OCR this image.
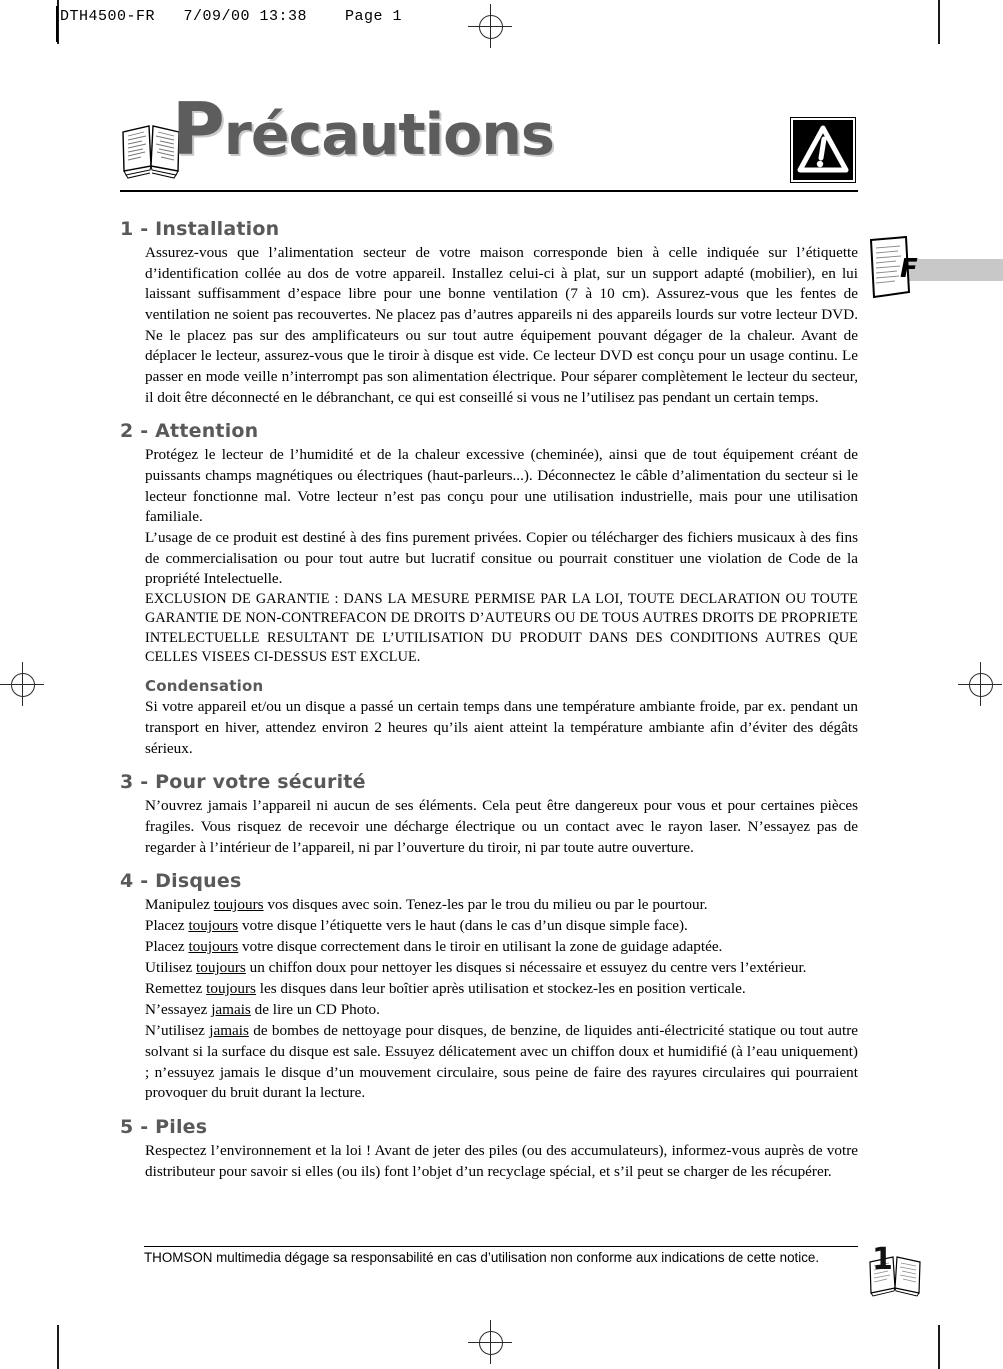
DTH4500-FR   7/09/00 13:38    Page 1
Précautions
F
1 - Installation

Assurez-vous que l’alimentation secteur de votre maison corresponde bien à celle indiquée sur l’étiquette d’identification collée au dos de votre appareil. Installez celui-ci à plat, sur un support adapté (mobilier), en lui laissant suffisamment d’espace libre pour une bonne ventilation (7 à 10 cm). Assurez-vous que les fentes de ventilation ne soient pas recouvertes. Ne placez pas d’autres appareils ni des appareils lourds sur votre lecteur DVD. Ne le placez pas sur des amplificateurs ou sur tout autre équipement pouvant dégager de la chaleur. Avant de déplacer le lecteur, assurez-vous que le tiroir à disque est vide. Ce lecteur DVD est conçu pour un usage continu. Le passer en mode veille n’interrompt pas son alimentation électrique. Pour séparer complètement le lecteur du secteur, il doit être déconnecté en le débranchant, ce qui est conseillé si vous ne l’utilisez pas pendant un certain temps.

2 - Attention

Protégez le lecteur de l’humidité et de la chaleur excessive (cheminée), ainsi que de tout équipement créant de puissants champs magnétiques ou électriques (haut-parleurs...). Déconnectez le câble d’alimentation du secteur si le lecteur fonctionne mal. Votre lecteur n’est pas conçu pour une utilisation industrielle, mais pour une utilisation familiale.

L’usage de ce produit est destiné à des fins purement privées. Copier ou télécharger des fichiers musicaux à des fins de commercialisation ou pour tout autre but lucratif consitue ou pourrait constituer une violation de Code de la propriété Intelectuelle.

EXCLUSION DE GARANTIE : DANS LA MESURE PERMISE PAR LA LOI, TOUTE DECLARATION OU TOUTE GARANTIE DE NON-CONTREFACON DE DROITS D’AUTEURS OU DE TOUS AUTRES DROITS DE PROPRIETE INTELECTUELLE RESULTANT DE L’UTILISATION DU PRODUIT DANS DES CONDITIONS AUTRES QUE CELLES VISEES CI-DESSUS EST EXCLUE.

Condensation

Si votre appareil et/ou un disque a passé un certain temps dans une température ambiante froide, par ex. pendant un transport en hiver, attendez environ 2 heures qu’ils aient atteint la température ambiante afin d’éviter des dégâts sérieux.

3 - Pour votre sécurité

N’ouvrez jamais l’appareil ni aucun de ses éléments. Cela peut être dangereux pour vous et pour certaines pièces fragiles. Vous risquez de recevoir une décharge électrique ou un contact avec le rayon laser. N’essayez pas de regarder à l’intérieur de l’appareil, ni par l’ouverture du tiroir, ni par toute autre ouverture.

4 - Disques

Manipulez toujours vos disques avec soin. Tenez-les par le trou du milieu ou par le pourtour.
Placez toujours votre disque l’étiquette vers le haut (dans le cas d’un disque simple face).
Placez toujours votre disque correctement dans le tiroir en utilisant la zone de guidage adaptée.
Utilisez toujours un chiffon doux pour nettoyer les disques si nécessaire et essuyez du centre vers l’extérieur.
Remettez toujours les disques dans leur boîtier après utilisation et stockez-les en position verticale.
N’essayez jamais de lire un CD Photo.

N’utilisez jamais de bombes de nettoyage pour disques, de benzine, de liquides anti-électricité statique ou tout autre solvant si la surface du disque est sale. Essuyez délicatement avec un chiffon doux et humidifié (à l’eau uniquement) ; n’essuyez jamais le disque d’un mouvement circulaire, sous peine de faire des rayures circulaires qui pourraient provoquer du bruit durant la lecture.

5 - Piles

Respectez l’environnement et la loi ! Avant de jeter des piles (ou des accumulateurs), informez-vous auprès de votre distributeur pour savoir si elles (ou ils) font l’objet d’un recyclage spécial, et s’il peut se charger de les récupérer.

THOMSON multimedia dégage sa responsabilité en cas d’utilisation non conforme aux indications de cette notice.	1
